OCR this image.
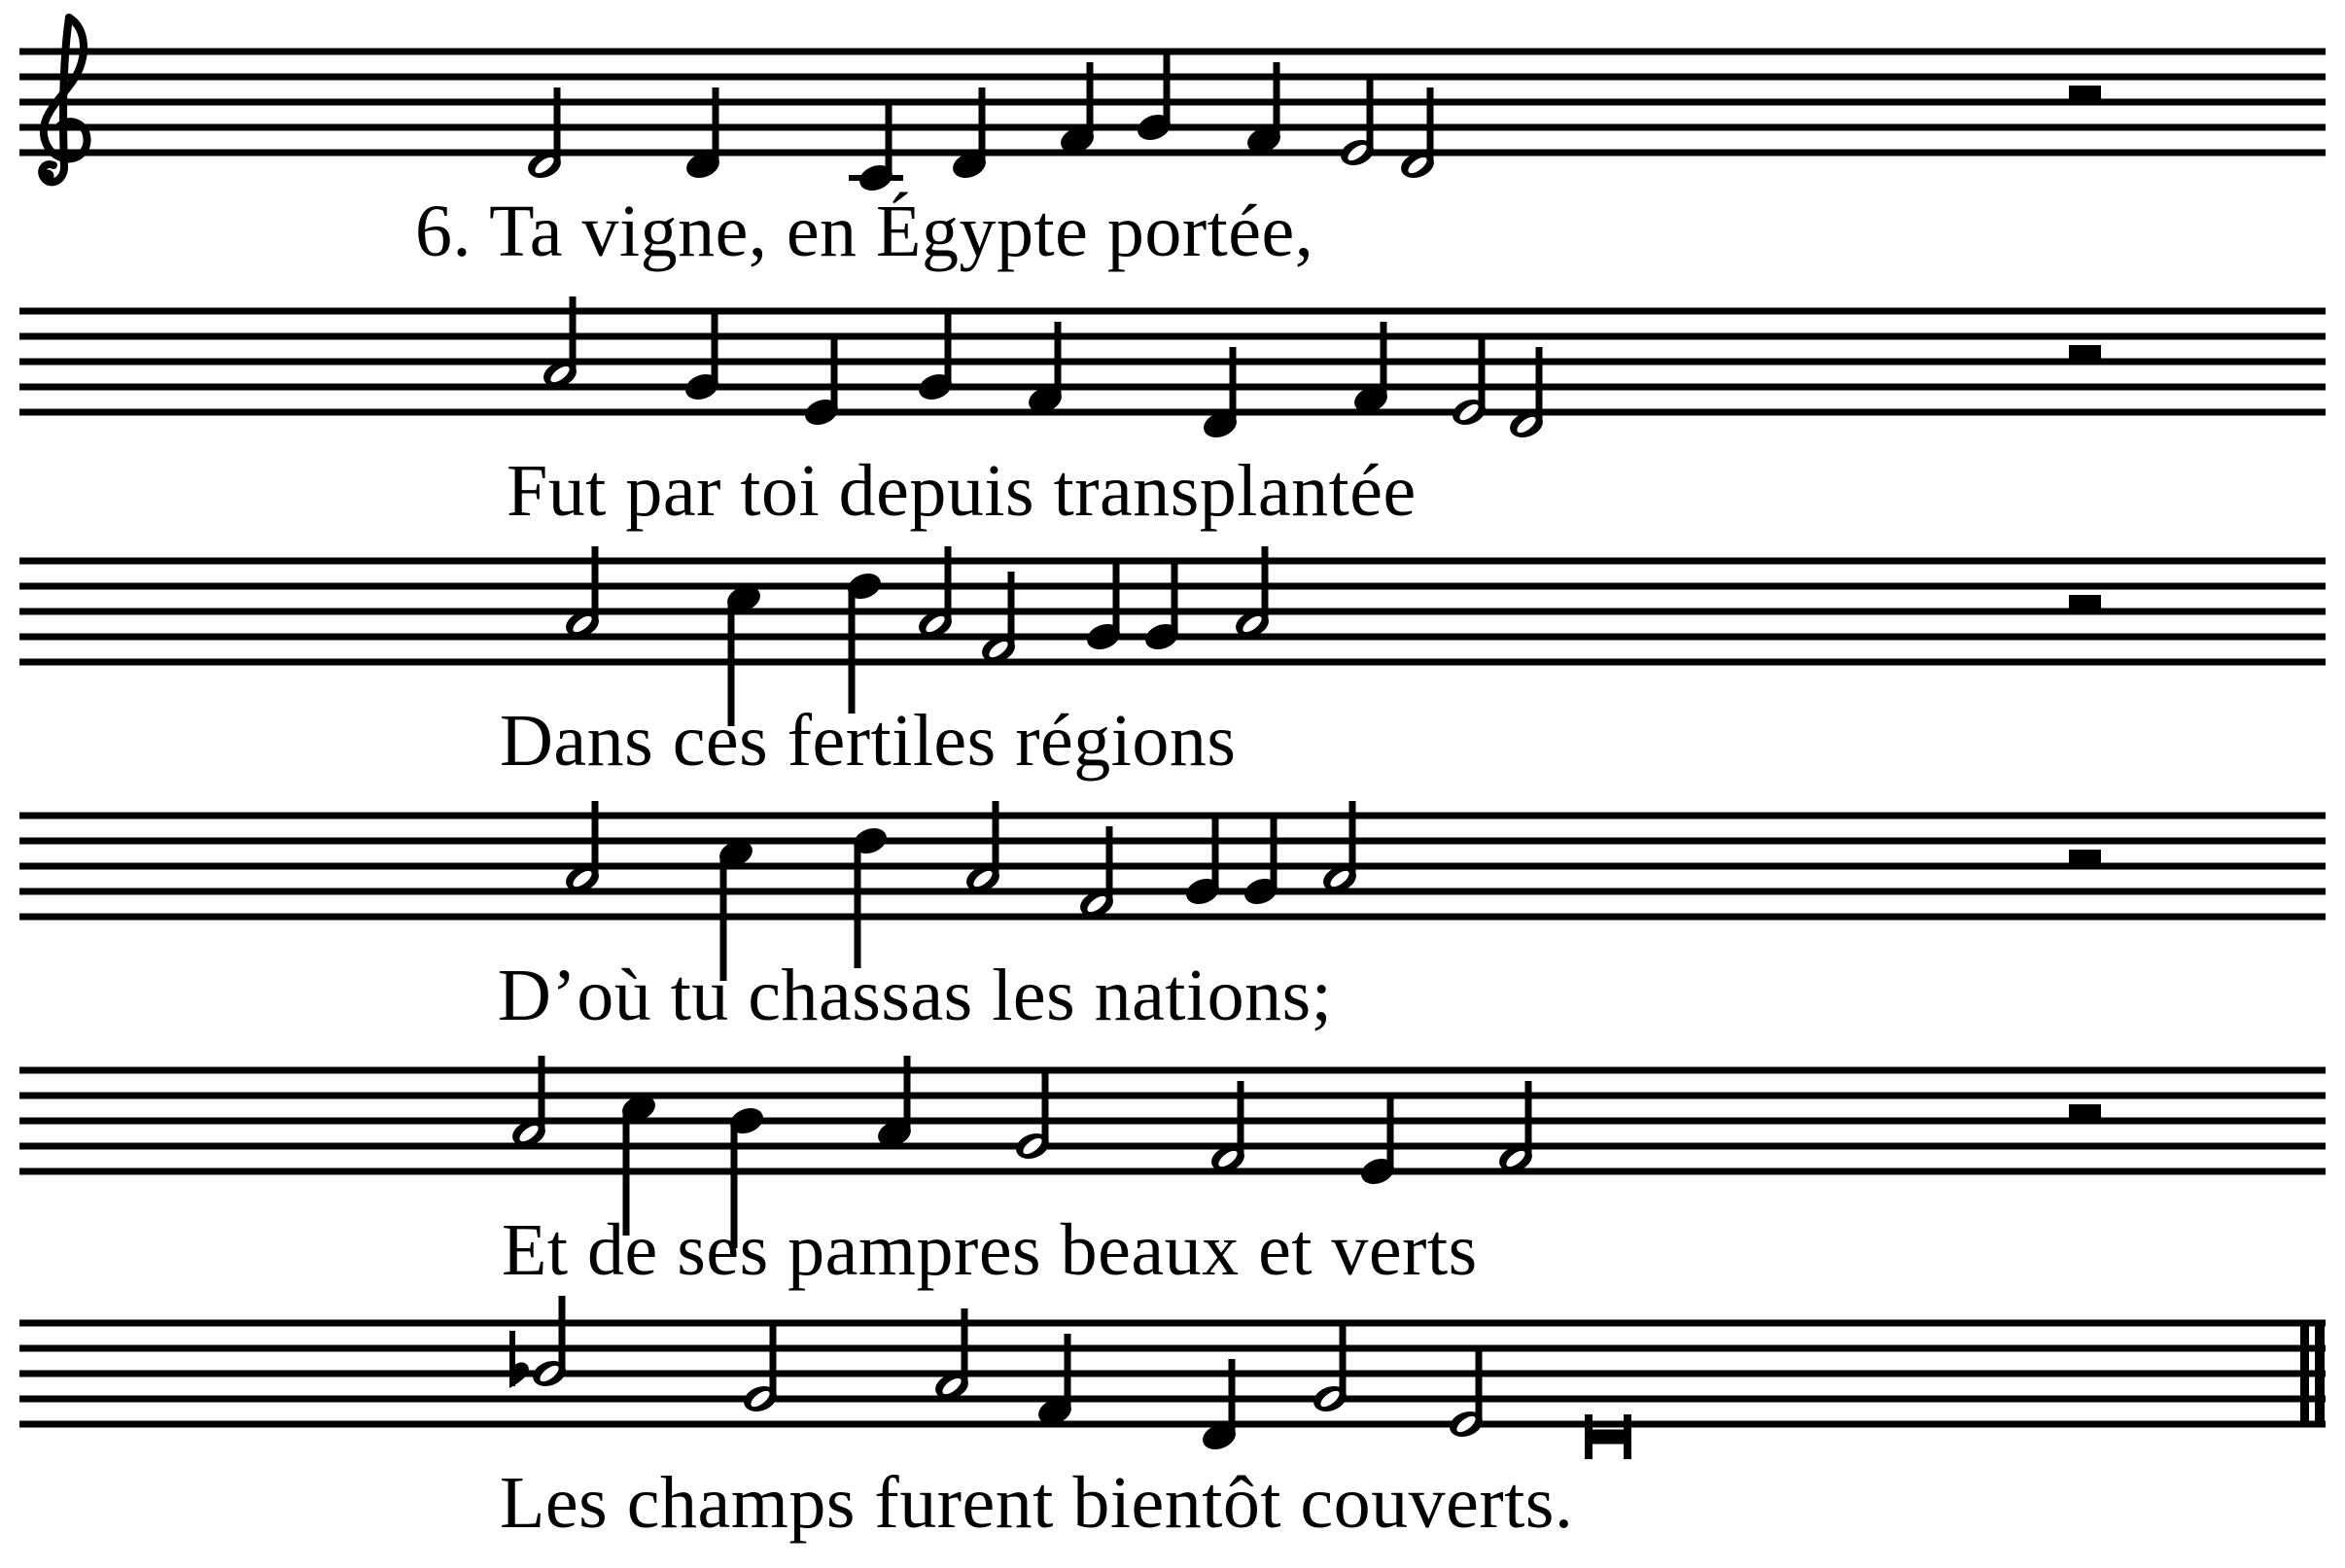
6. Ta vigne, en Égypte portée,
Fut par toi depuis transplantée
Dans ces fertiles régions
D’où tu chassas les nations;
Et de ses pampres beaux et verts
Les champs furent bientôt couverts.
